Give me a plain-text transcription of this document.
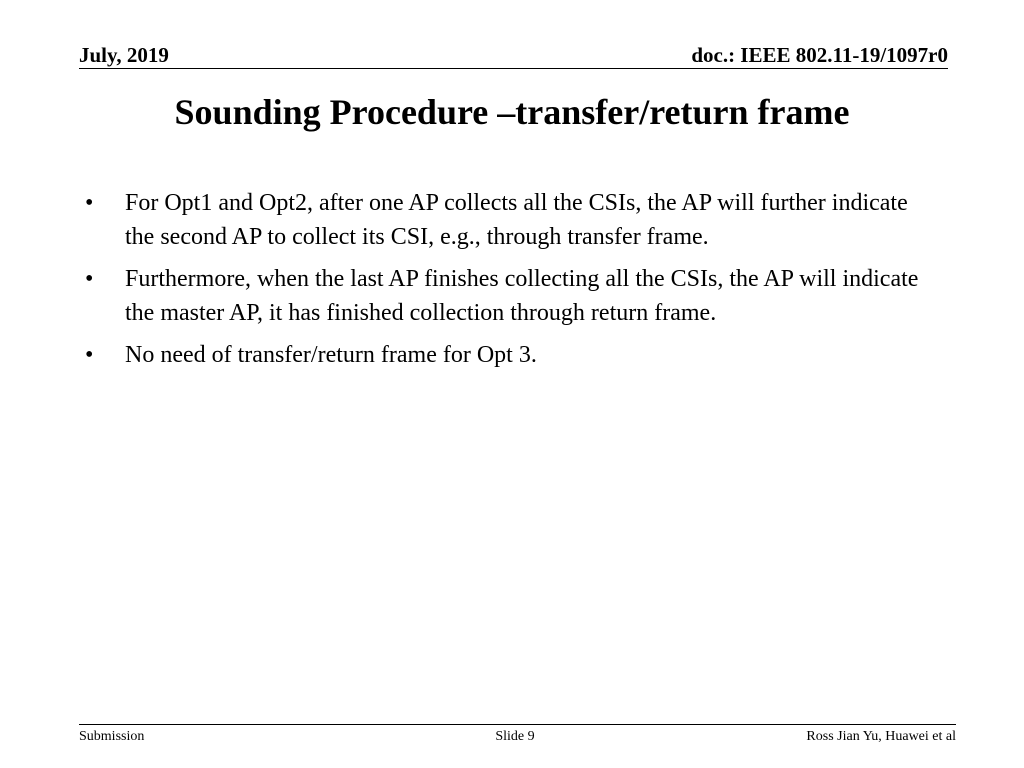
July, 2019	doc.: IEEE 802.11-19/1097r0
Sounding Procedure –transfer/return frame
•	For Opt1 and Opt2, after one AP collects all the CSIs, the AP will further indicate the second AP to collect its CSI, e.g., through transfer frame.
•	Furthermore, when the last AP finishes collecting all the CSIs, the AP will indicate the master AP, it has finished collection through return frame.
•	No need of transfer/return frame for Opt 3.
Submission	Slide 9	Ross Jian Yu, Huawei et al
